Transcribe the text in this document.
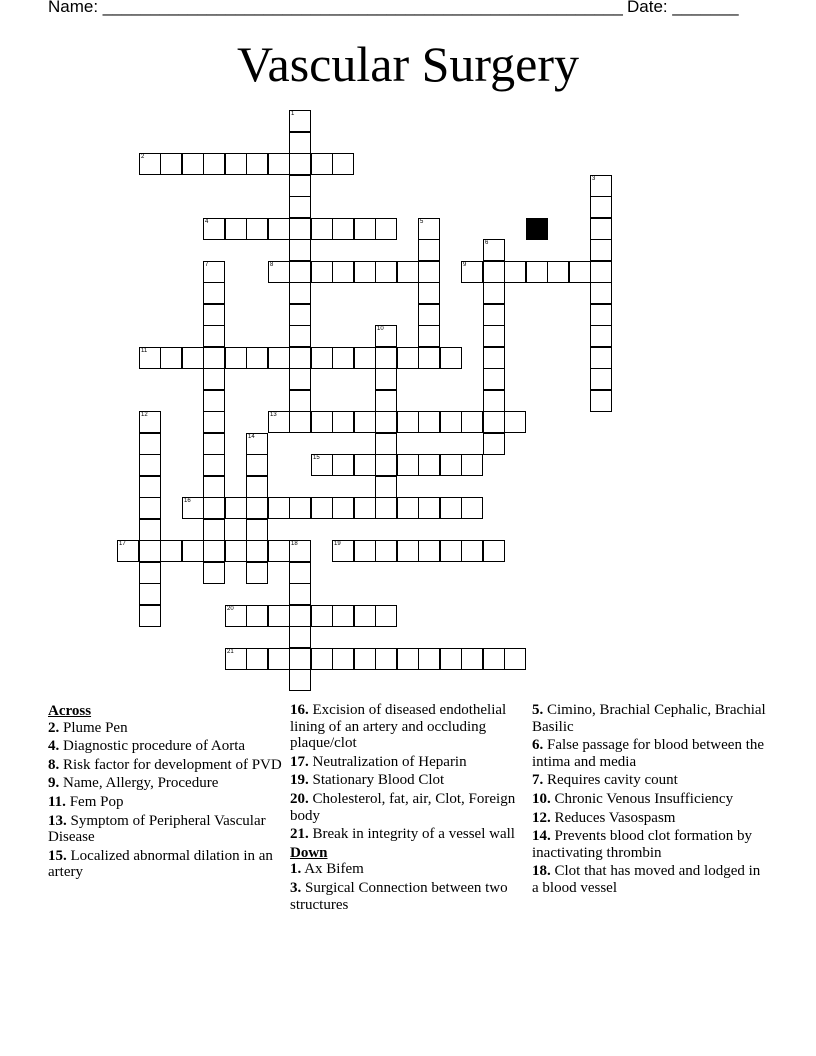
Name: _______________________________________________________ Date: _______
Vascular Surgery
1
2
3
4	5
6
7	8	9
10
11
12	13
14
15
16
17	18	19
20
21
Across
2. Plume Pen
4. Diagnostic procedure of Aorta
8. Risk factor for development of PVD
9. Name, Allergy, Procedure
11. Fem Pop
13. Symptom of Peripheral Vascular Disease
15. Localized abnormal dilation in an artery
16. Excision of diseased endothelial lining of an artery and occluding plaque/clot
17. Neutralization of Heparin
19. Stationary Blood Clot
20. Cholesterol, fat, air, Clot, Foreign body
21. Break in integrity of a vessel wall
Down
1. Ax Bifem
3. Surgical Connection between two structures
5. Cimino, Brachial Cephalic, Brachial Basilic
6. False passage for blood between the intima and media
7. Requires cavity count
10. Chronic Venous Insufficiency
12. Reduces Vasospasm
14. Prevents blood clot formation by inactivating thrombin
18. Clot that has moved and lodged in a blood vessel
